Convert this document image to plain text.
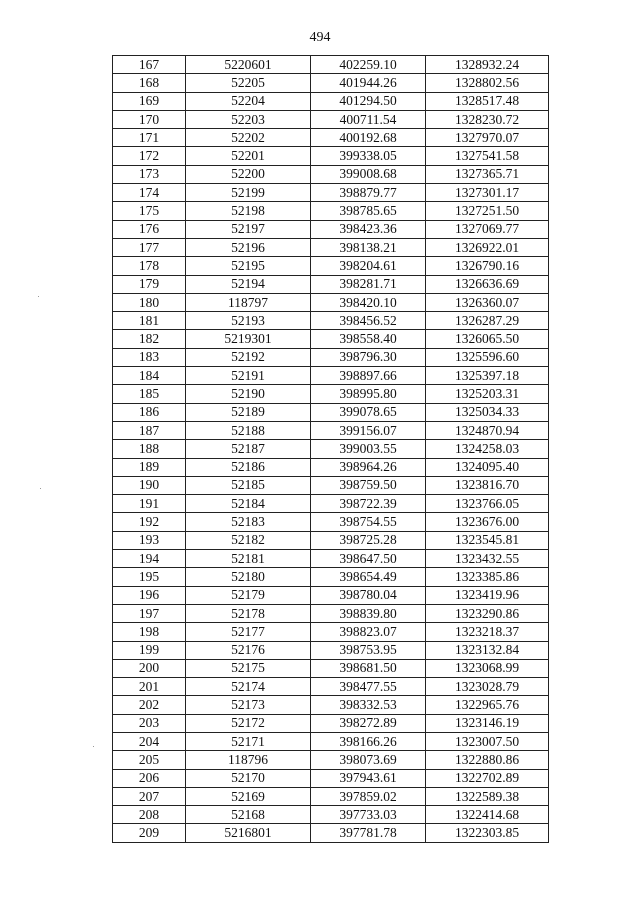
494
167	5220601	402259.10	1328932.24
168	52205	401944.26	1328802.56
169	52204	401294.50	1328517.48
170	52203	400711.54	1328230.72
171	52202	400192.68	1327970.07
172	52201	399338.05	1327541.58
173	52200	399008.68	1327365.71
174	52199	398879.77	1327301.17
175	52198	398785.65	1327251.50
176	52197	398423.36	1327069.77
177	52196	398138.21	1326922.01
178	52195	398204.61	1326790.16
179	52194	398281.71	1326636.69
180	118797	398420.10	1326360.07
181	52193	398456.52	1326287.29
182	5219301	398558.40	1326065.50
183	52192	398796.30	1325596.60
184	52191	398897.66	1325397.18
185	52190	398995.80	1325203.31
186	52189	399078.65	1325034.33
187	52188	399156.07	1324870.94
188	52187	399003.55	1324258.03
189	52186	398964.26	1324095.40
190	52185	398759.50	1323816.70
191	52184	398722.39	1323766.05
192	52183	398754.55	1323676.00
193	52182	398725.28	1323545.81
194	52181	398647.50	1323432.55
195	52180	398654.49	1323385.86
196	52179	398780.04	1323419.96
197	52178	398839.80	1323290.86
198	52177	398823.07	1323218.37
199	52176	398753.95	1323132.84
200	52175	398681.50	1323068.99
201	52174	398477.55	1323028.79
202	52173	398332.53	1322965.76
203	52172	398272.89	1323146.19
204	52171	398166.26	1323007.50
205	118796	398073.69	1322880.86
206	52170	397943.61	1322702.89
207	52169	397859.02	1322589.38
208	52168	397733.03	1322414.68
209	5216801	397781.78	1322303.85
